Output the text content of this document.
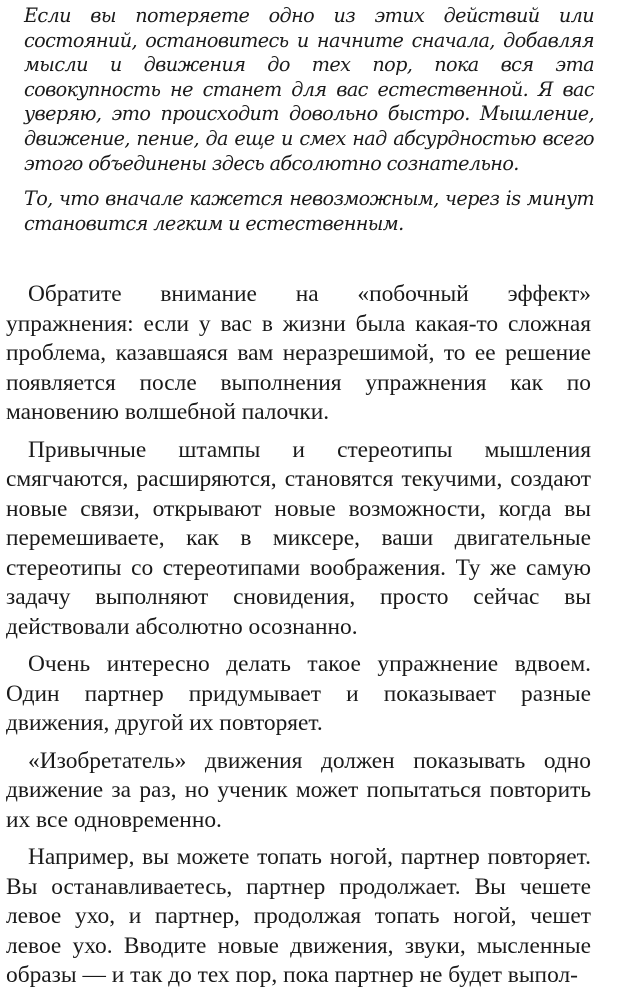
Если вы потеряете одно из этих действий или состояний, остановитесь и начните сначала, добавляя мысли и движения до тех пор, пока вся эта совокупность не станет для вас естественной. Я вас уверяю, это происходит довольно быстро. Мышление, движение, пение, да еще и смех над абсурдностью всего этого объединены здесь абсолютно сознательно.

То, что вначале кажется невозможным, через is минут становится легким и естественным.

Обратите внимание на «побочный эффект» упражнения: если у вас в жизни была какая-то сложная проблема, казавшаяся вам неразрешимой, то ее решение появляется после выполнения упражнения как по мановению волшебной палочки.

Привычные штампы и стереотипы мышления смягчаются, расширяются, становятся текучими, создают новые связи, открывают новые возможности, когда вы перемешиваете, как в миксере, ваши двигательные стереотипы со стереотипами воображения. Ту же самую задачу выполняют сновидения, просто сейчас вы действовали абсолютно осознанно.

Очень интересно делать такое упражнение вдвоем. Один партнер придумывает и показывает разные движения, другой их повторяет.

«Изобретатель» движения должен показывать одно движение за раз, но ученик может попытаться повторить их все одновременно.

Например, вы можете топать ногой, партнер повторяет. Вы останавливаетесь, партнер продолжает. Вы чешете левое ухо, и партнер, продолжая топать ногой, чешет левое ухо. Вводите новые движения, звуки, мысленные образы — и так до тех пор, пока партнер не будет выпол-
